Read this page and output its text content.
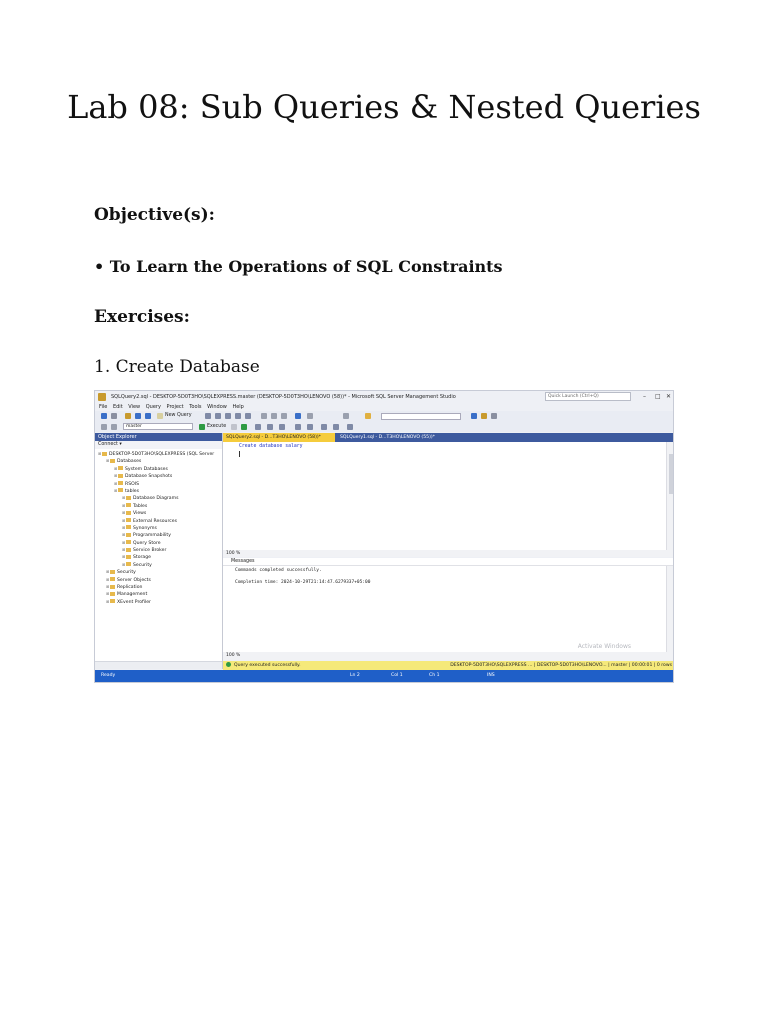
Lab 08: Sub Queries & Nested Queries

Objective(s):

• To Learn the Operations of SQL Constraints

Exercises:

1. Create Database

SQLQuery2.sql - DESKTOP-5D0T3HO\SQLEXPRESS.master (DESKTOP-5D0T3HO\LENOVO (58))* - Microsoft SQL Server Management Studio	Quick Launch (Ctrl+Q)	– □ ✕
File Edit View Query Project Tools Window Help
New Query
master	Execute
Object Explorer
Connect ▾
⊞ DESKTOP-5D0T3HO\SQLEXPRESS (SQL Server
⊞ Databases
⊞ System Databases
⊞ Database Snapshots
⊞ RSOIS
⊞ tables
⊞ Database Diagrams
⊞ Tables
⊞ Views
⊞ External Resources
⊞ Synonyms
⊞ Programmability
⊞ Query Store
⊞ Service Broker
⊞ Storage
⊞ Security
⊞ Security
⊞ Server Objects
⊞ Replication
⊞ Management
⊞ XEvent Profiler
SQLQuery2.sql - D...T3HO\LENOVO (58))*	SQLQuery1.sql - D...T3HO\LENOVO (55))*
Create database salary
100 %
Messages
Commands completed successfully.
Completion time: 2024-10-29T21:14:47.6279337+05:00
Activate Windows
100 %
Query executed successfully.	DESKTOP-5D0T3HO\SQLEXPRESS ... | DESKTOP-5D0T3HO\LENOVO... | master | 00:00:01 | 0 rows
Ready	Ln 2	Col 1	Ch 1	INS
